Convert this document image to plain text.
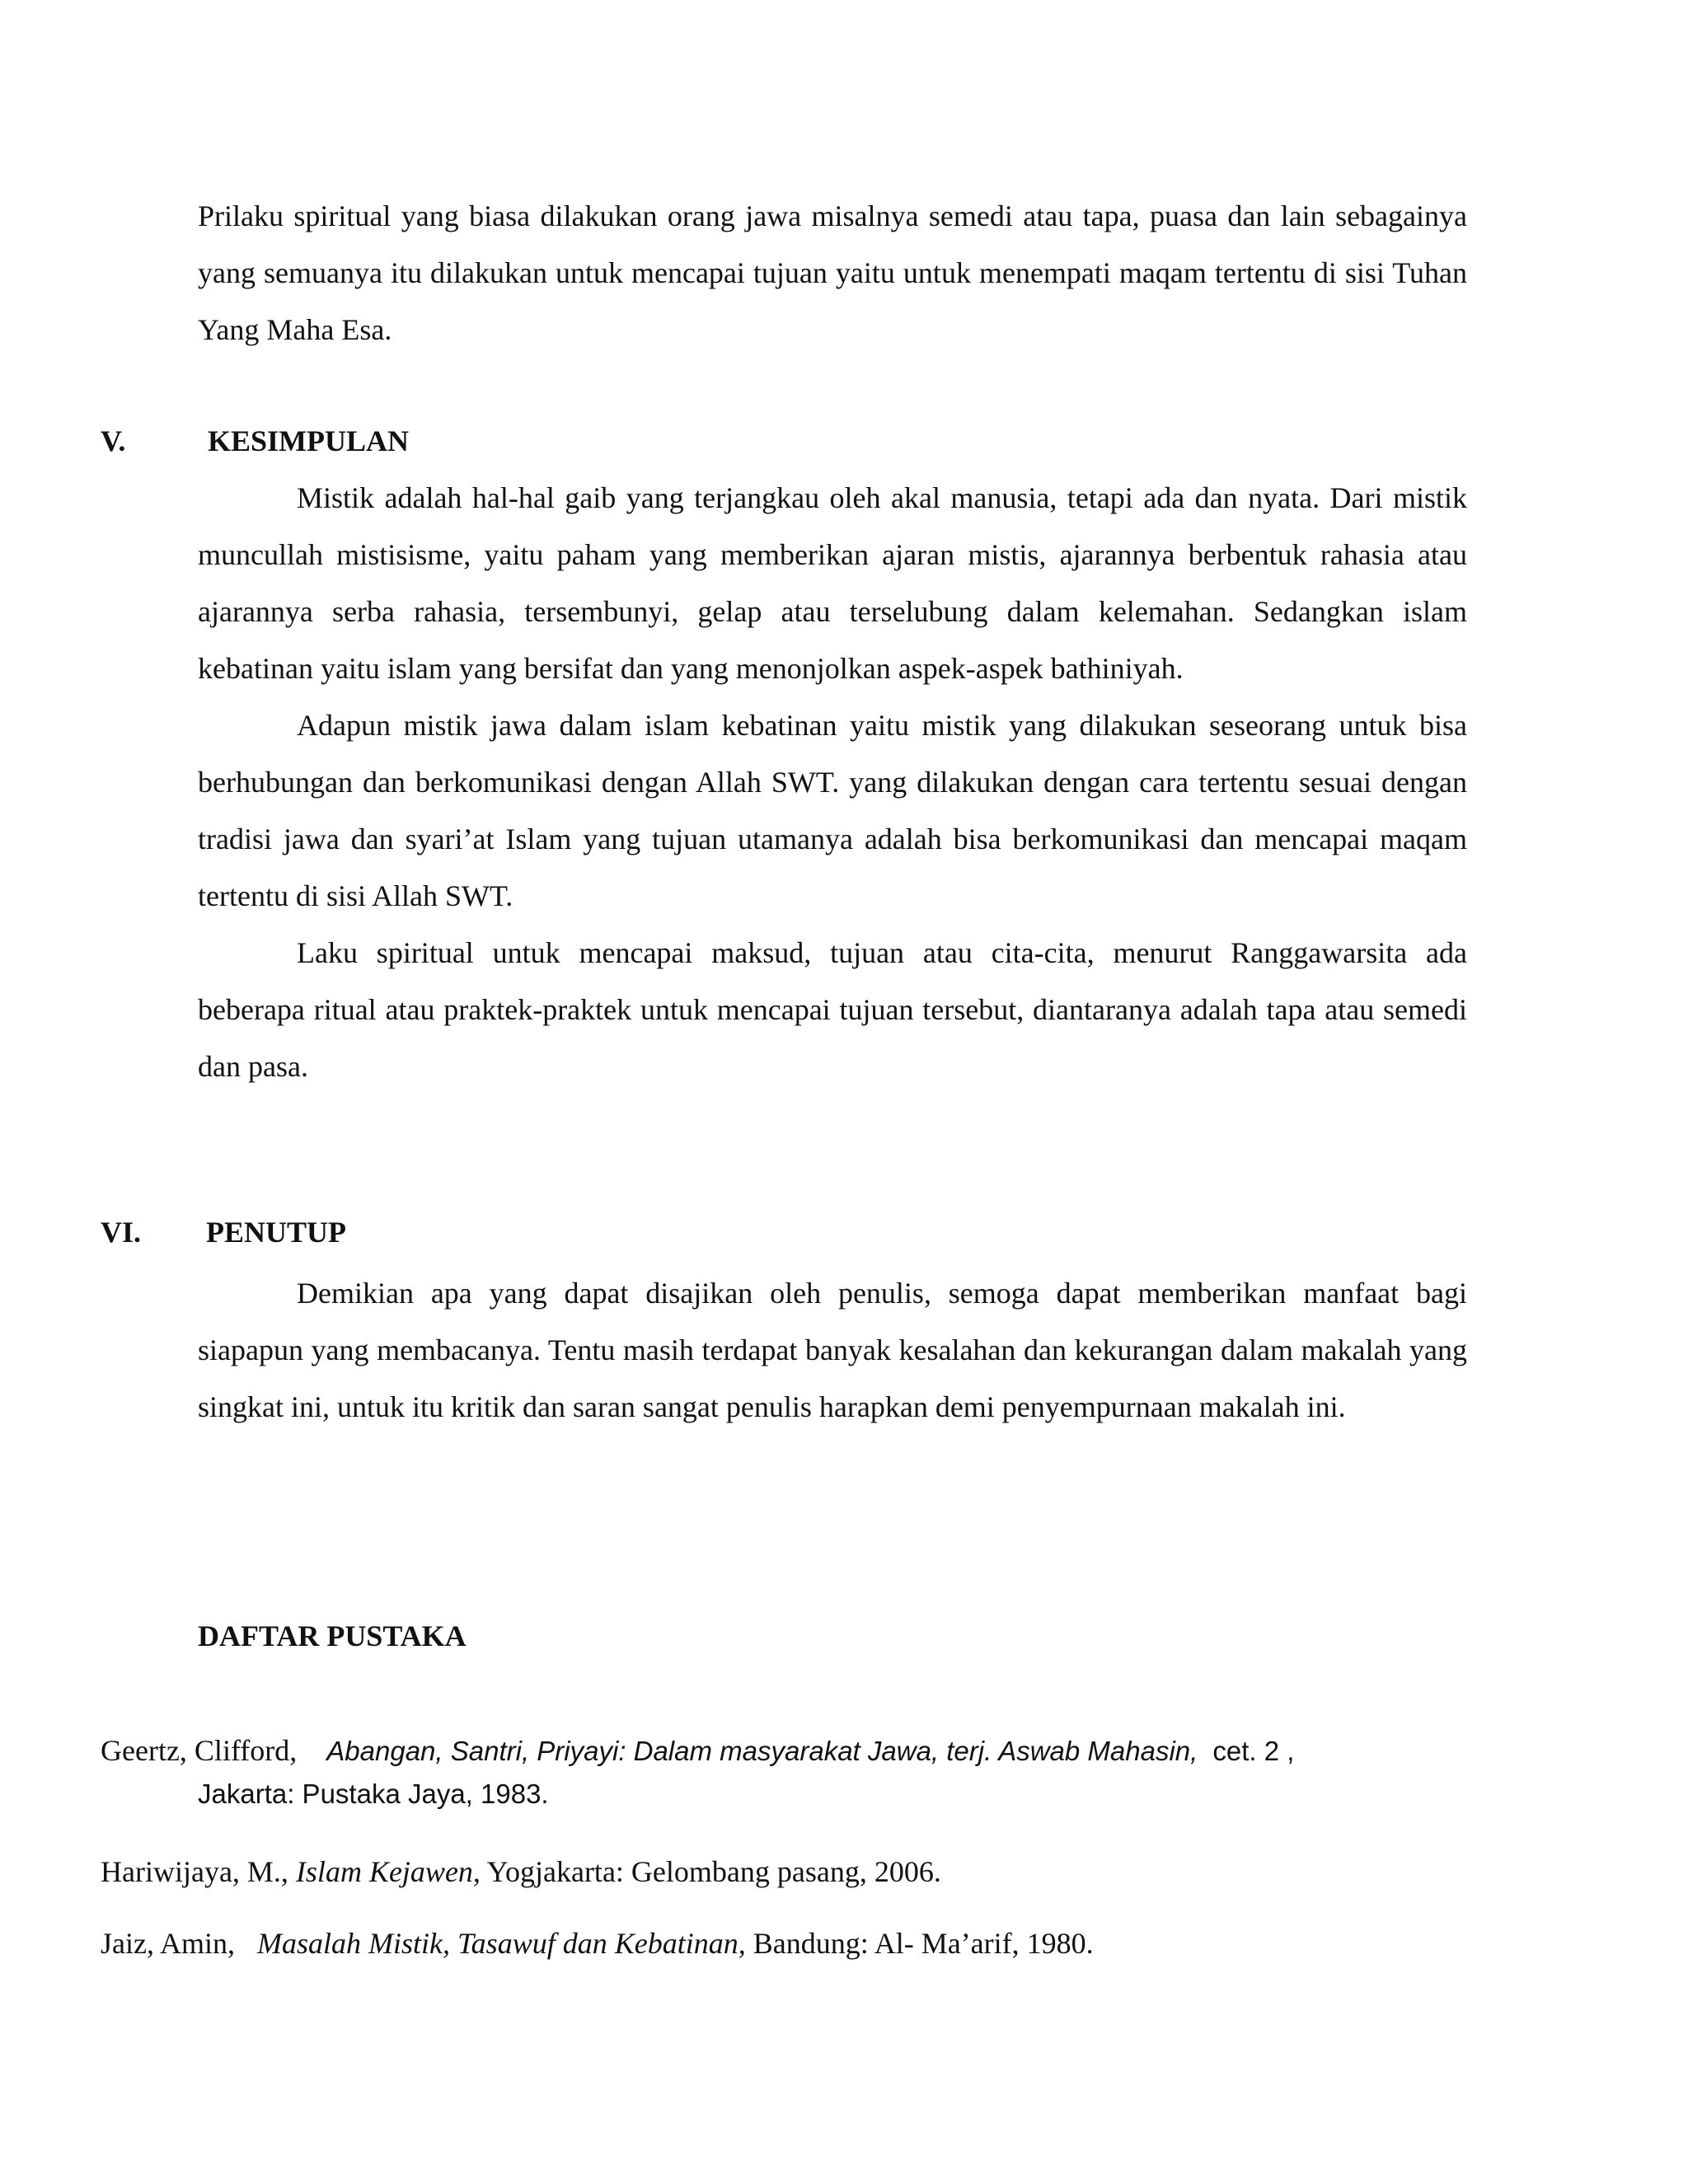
Prilaku spiritual yang biasa dilakukan orang jawa misalnya semedi atau tapa, puasa dan lain sebagainya yang semuanya itu dilakukan untuk mencapai tujuan yaitu untuk menempati maqam tertentu di sisi Tuhan Yang Maha Esa.

V.	KESIMPULAN

Mistik adalah hal-hal gaib yang terjangkau oleh akal manusia, tetapi ada dan nyata. Dari mistik muncullah mistisisme, yaitu paham yang memberikan ajaran mistis, ajarannya berbentuk rahasia atau ajarannya serba rahasia, tersembunyi, gelap atau terselubung dalam kelemahan. Sedangkan islam kebatinan yaitu islam yang bersifat dan yang menonjolkan aspek-aspek bathiniyah.

Adapun mistik jawa dalam islam kebatinan yaitu mistik yang dilakukan seseorang untuk bisa berhubungan dan berkomunikasi dengan Allah SWT. yang dilakukan dengan cara tertentu sesuai dengan tradisi jawa dan syari’at Islam yang tujuan utamanya adalah bisa berkomunikasi dan mencapai maqam tertentu di sisi Allah SWT.

Laku spiritual untuk mencapai maksud, tujuan atau cita-cita, menurut Ranggawarsita ada beberapa ritual atau praktek-praktek untuk mencapai tujuan tersebut, diantaranya adalah tapa atau semedi dan pasa.

VI. PENUTUP

Demikian apa yang dapat disajikan oleh penulis, semoga dapat memberikan manfaat bagi siapapun yang membacanya. Tentu masih terdapat banyak kesalahan dan kekurangan dalam makalah yang singkat ini, untuk itu kritik dan saran sangat penulis harapkan demi penyempurnaan makalah ini.

DAFTAR PUSTAKA

Geertz, Clifford, Abangan, Santri, Priyayi: Dalam masyarakat Jawa, terj. Aswab Mahasin, cet. 2 ,
Jakarta: Pustaka Jaya, 1983.

Hariwijaya, M., Islam Kejawen, Yogjakarta: Gelombang pasang, 2006.

Jaiz, Amin, Masalah Mistik, Tasawuf dan Kebatinan, Bandung: Al- Ma’arif, 1980.
